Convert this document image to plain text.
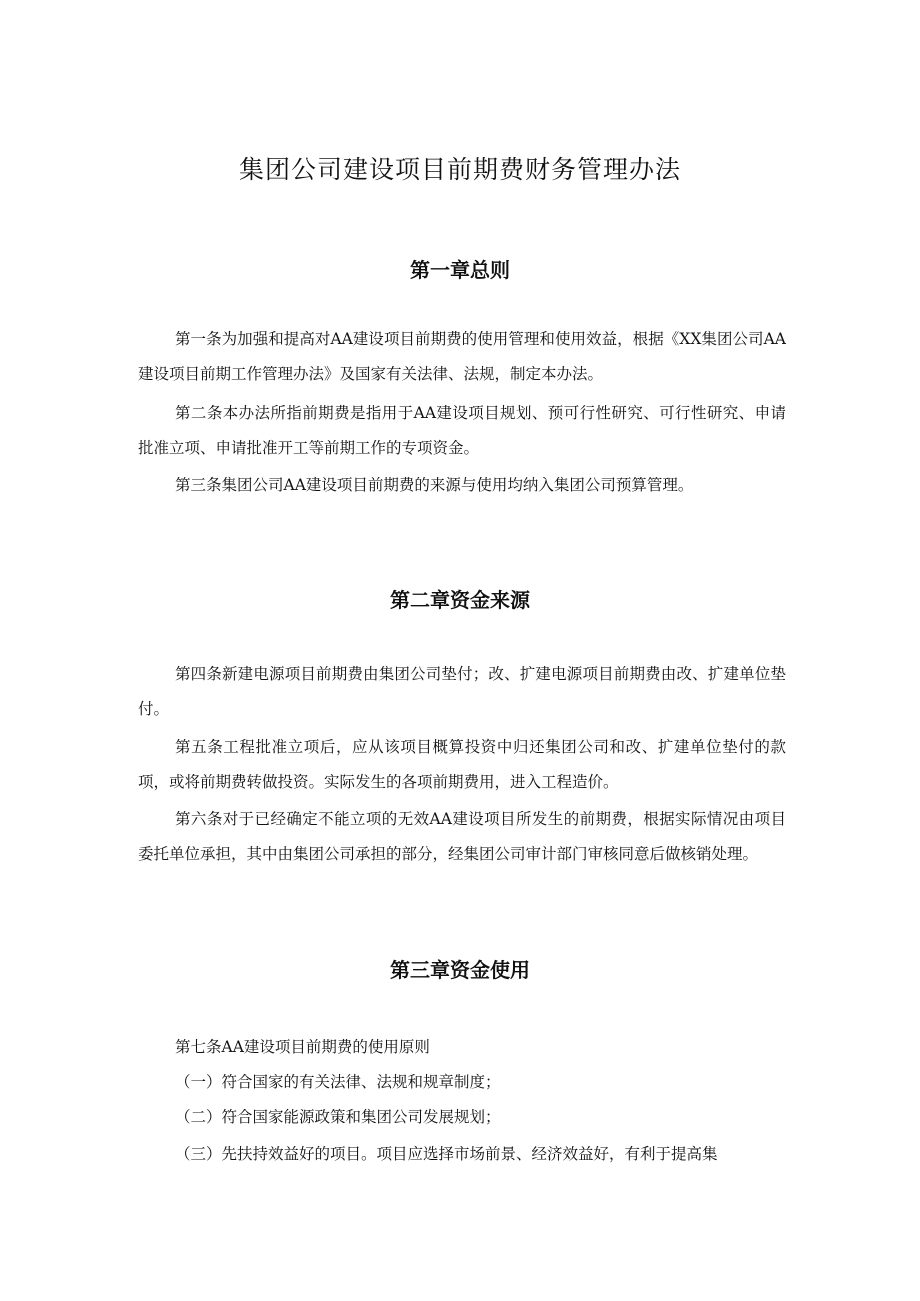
集团公司建设项目前期费财务管理办法
第一章总则

第一条为加强和提高对AA建设项目前期费的使用管理和使用效益，根据《XX集团公司AA建设项目前期工作管理办法》及国家有关法律、法规，制定本办法。

第二条本办法所指前期费是指用于AA建设项目规划、预可行性研究、可行性研究、申请批准立项、申请批准开工等前期工作的专项资金。

第三条集团公司AA建设项目前期费的来源与使用均纳入集团公司预算管理。

第二章资金来源

第四条新建电源项目前期费由集团公司垫付；改、扩建电源项目前期费由改、扩建单位垫付。

第五条工程批准立项后，应从该项目概算投资中归还集团公司和改、扩建单位垫付的款项，或将前期费转做投资。实际发生的各项前期费用，进入工程造价。

第六条对于已经确定不能立项的无效AA建设项目所发生的前期费，根据实际情况由项目委托单位承担，其中由集团公司承担的部分，经集团公司审计部门审核同意后做核销处理。

第三章资金使用

第七条AA建设项目前期费的使用原则

（一）符合国家的有关法律、法规和规章制度；

（二）符合国家能源政策和集团公司发展规划；

（三）先扶持效益好的项目。项目应选择市场前景、经济效益好，有利于提高集
